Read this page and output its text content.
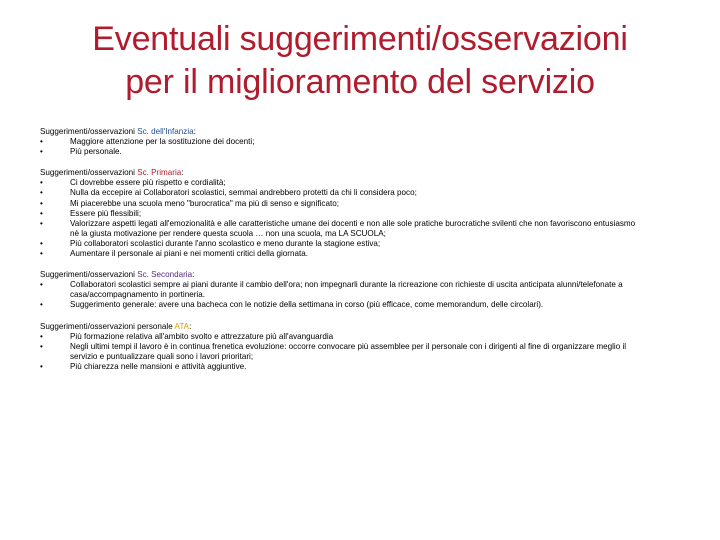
Eventuali suggerimenti/osservazioni
per il miglioramento del servizio
Suggerimenti/osservazioni Sc. dell'Infanzia:
•	Maggiore attenzione per la sostituzione dei docenti;
•	Più personale.
Suggerimenti/osservazioni Sc. Primaria:
•	Ci dovrebbe essere più rispetto e cordialità;
•	Nulla da eccepire ai Collaboratori scolastici, semmai andrebbero protetti da chi li considera poco;
•	Mi piacerebbe una scuola meno "burocratica" ma più di senso e significato;
•	Essere più flessibili;
•	Valorizzare aspetti legati all'emozionalità e alle caratteristiche umane dei docenti e non alle sole pratiche burocratiche svilenti che non favoriscono entusiasmo nè la giusta motivazione per rendere questa scuola … non una scuola, ma LA SCUOLA;
•	Più collaboratori scolastici durante l'anno scolastico e meno durante la stagione estiva;
•	Aumentare il personale ai piani e nei momenti critici della giornata.
Suggerimenti/osservazioni Sc. Secondaria:
•	Collaboratori scolastici sempre ai piani durante il cambio dell'ora; non impegnarli durante la ricreazione con richieste di uscita anticipata alunni/telefonate a casa/accompagnamento in portineria.
•	Suggerimento generale: avere una bacheca con le notizie della settimana in corso (più efficace, come memorandum, delle circolari).
Suggerimenti/osservazioni personale ATA:
•	Più formazione relativa all'ambito svolto e attrezzature più all'avanguardia
•	Negli ultimi tempi il lavoro è in continua frenetica evoluzione: occorre convocare più assemblee per il personale con i dirigenti al fine di organizzare meglio il servizio e puntualizzare quali sono i lavori prioritari;
•	Più chiarezza nelle mansioni e attività aggiuntive.
